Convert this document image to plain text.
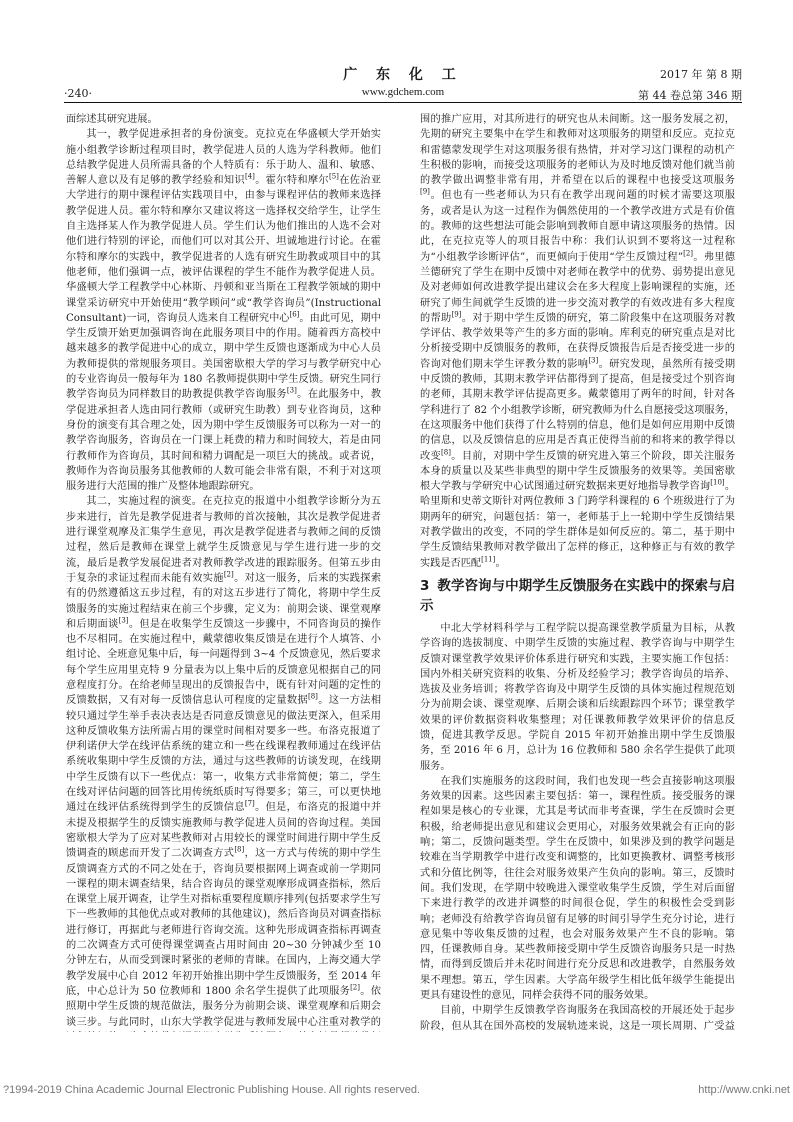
·240·
广 东 化 工
www.gdchem.com
2017 年 第 8 期
第 44 卷总第 346 期

面综述其研究进展。

其一，教学促进承担者的身份演变。克拉克在华盛顿大学开始实施小组教学诊断过程项目时，教学促进人员的人选为学科教师。他们总结教学促进人员所需具备的个人特质有：乐于助人、温和、敏感、善解人意以及有足够的教学经验和知识[4]。霍尔特和摩尔[5]在佐治亚大学进行的期中课程评估实践项目中，由参与课程评估的教师来选择教学促进人员。霍尔特和摩尔又建议将这一选择权交给学生，让学生自主选择某人作为教学促进人员。学生们认为他们推出的人选不会对他们进行特别的评论，而他们可以对其公开、坦诚地进行讨论。在霍尔特和摩尔的实践中，教学促进者的人选有研究生助教或项目中的其他老师，他们强调一点，被评估课程的学生不能作为教学促进人员。华盛顿大学工程教学中心林斯、丹顿和亚当斯在工程教学领域的期中课堂采访研究中开始使用“教学顾问”或“教学咨询员”(Instructional Consultant)一词，咨询员人选来自工程研究中心[6]。由此可见，期中学生反馈开始更加强调咨询在此服务项目中的作用。随着西方高校中越来越多的教学促进中心的成立，期中学生反馈也逐渐成为中心人员为教师提供的常规服务项目。美国密歇根大学的学习与教学研究中心的专业咨询员一般每年为 180 名教师提供期中学生反馈。研究生同行教学咨询员为同样数目的助教提供教学咨询服务[3]。在此服务中，教学促进承担者人选由同行教师（或研究生助教）到专业咨询员，这种身份的演变有其合理之处，因为期中学生反馈服务可以称为一对一的教学咨询服务，咨询员在一门课上耗费的精力和时间较大，若是由同行教师作为咨询员，其时间和精力调配是一项巨大的挑战。或者说，教师作为咨询员服务其他教师的人数可能会非常有限，不利于对这项服务进行大范围的推广及整体地跟踪研究。

其二，实施过程的演变。在克拉克的报道中小组教学诊断分为五步来进行，首先是教学促进者与教师的首次接触，其次是教学促进者进行课堂观摩及汇集学生意见，再次是教学促进者与教师之间的反馈过程，然后是教师在课堂上就学生反馈意见与学生进行进一步的交流，最后是教学发展促进者对教师教学改进的跟踪服务。但第五步由于复杂的求证过程而未能有效实施[2]。对这一服务，后来的实践探索有的仍然遵循这五步过程，有的对这五步进行了简化，将期中学生反馈服务的实施过程结束在前三个步骤，定义为：前期会谈、课堂观摩和后期面谈[3]。但是在收集学生反馈这一步骤中，不同咨询员的操作也不尽相同。在实施过程中，戴蒙德收集反馈是在进行个人填答、小组讨论、全班意见集中后，每一问题得到 3~4 个反馈意见，然后要求每个学生应用里克特 9 分量表为以上集中后的反馈意见根据自己的同意程度打分。在给老师呈现出的反馈报告中，既有针对问题的定性的反馈数据，又有对每一反馈信息认可程度的定量数据[8]。这一方法相较只通过学生举手表决表达是否同意反馈意见的做法更深入，但采用这种反馈收集方法所需占用的课堂时间相对要多一些。布洛克报道了伊利诺伊大学在线评估系统的建立和一些在线课程教师通过在线评估系统收集期中学生反馈的方法，通过与这些教师的访谈发现，在线期中学生反馈有以下一些优点：第一，收集方式非常简便；第二，学生在线对评估问题的回答比用传统纸质时写得要多；第三，可以更快地通过在线评估系统得到学生的反馈信息[7]。但是，布洛克的报道中并未提及根据学生的反馈实施教师与教学促进人员间的咨询过程。美国密歇根大学为了应对某些教师对占用较长的课堂时间进行期中学生反馈调查的顾虑而开发了二次调查方式[8]，这一方式与传统的期中学生反馈调查方式的不同之处在于，咨询员要根据网上调查或前一学期同一课程的期末调查结果，结合咨询员的课堂观摩形成调查指标，然后在课堂上展开调查，让学生对指标重要程度顺序排列(包括要求学生写下一些教师的其他优点或对教师的其他建议)，然后咨询员对调查指标进行修订，再据此与老师进行咨询交流。这种先形成调查指标再调查的二次调查方式可使得课堂调查占用时间由 20~30 分钟减少至 10 分钟左右，从而受到课时紧张的老师的青睐。在国内，上海交通大学教学发展中心自 2012 年初开始推出期中学生反馈服务，至 2014 年底，中心总计为 50 位教师和 1800 余名学生提供了此项服务[2]。依照期中学生反馈的规范做法，服务分为前期会谈、课堂观摩和后期会谈三步。与此同时，山东大学教学促进与教师发展中心注重对教学的

围的推广应用，对其所进行的研究也从未间断。这一服务发展之初，先期的研究主要集中在学生和教师对这项服务的期望和反应。克拉克和雷德蒙发现学生对这项服务很有热情，并对学习这门课程的动机产生积极的影响，而接受这项服务的老师认为及时地反馈对他们就当前的教学做出调整非常有用，并希望在以后的课程中也接受这项服务[9]。但也有一些老师认为只有在教学出现问题的时候才需要这项服务，或者是认为这一过程作为偶然使用的一个教学改进方式是有价值的。教师的这些想法可能会影响到教师自愿申请这项服务的热情。因此，在克拉克等人的项目报告中称：我们认识到不要将这一过程称为“小组教学诊断评估”，而更倾向于使用“学生反馈过程”[2]。弗里德兰德研究了学生在期中反馈中对老师在教学中的优势、弱势提出意见及对老师如何改进教学提出建议会在多大程度上影响课程的实施，还研究了师生间就学生反馈的进一步交流对教学的有效改进有多大程度的帮助[9]。对于期中学生反馈的研究，第二阶段集中在这项服务对教学评估、教学效果等产生的多方面的影响。库利克的研究重点是对比分析接受期中反馈服务的教师，在获得反馈报告后是否接受进一步的咨询对他们期末学生评教分数的影响[3]。研究发现，虽然所有接受期中反馈的教师，其期末教学评估都得到了提高，但是接受过个别咨询的老师，其期末教学评估提高更多。戴蒙德用了两年的时间，针对各学科进行了 82 个小组教学诊断，研究教师为什么自愿接受这项服务，在这项服务中他们获得了什么特别的信息，他们是如何应用期中反馈的信息，以及反馈信息的应用是否真正使得当前的和将来的教学得以改变[8]。目前，对期中学生反馈的研究进入第三个阶段，即关注服务本身的质量以及某些非典型的期中学生反馈服务的效果等。美国密歇根大学教与学研究中心试图通过研究数据来更好地指导教学咨询[10]。哈里斯和史蒂文斯针对两位教师 3 门跨学科课程的 6 个班级进行了为期两年的研究，问题包括：第一，老师基于上一轮期中学生反馈结果对教学做出的改变，不同的学生群体是如何反应的。第二，基于期中学生反馈结果教师对教学做出了怎样的修正，这种修正与有效的教学实践是否匹配[11]。

3 教学咨询与中期学生反馈服务在实践中的探索与启示

中北大学材料科学与工程学院以提高课堂教学质量为目标，从教学咨询的选拔制度、中期学生反馈的实施过程、教学咨询与中期学生反馈对课堂教学效果评价体系进行研究和实践，主要实施工作包括：国内外相关研究资料的收集、分析及经验学习；教学咨询员的培养、选拔及业务培训；将教学咨询及中期学生反馈的具体实施过程规范划分为前期会谈、课堂观摩、后期会谈和后续跟踪四个环节；课堂教学效果的评价数据资料收集整理；对任课教师教学效果评价的信息反馈，促进其教学反思。学院自 2015 年初开始推出期中学生反馈服务，至 2016 年 6 月，总计为 16 位教师和 580 余名学生提供了此项服务。

在我们实施服务的这段时间，我们也发现一些会直接影响这项服务效果的因素。这些因素主要包括：第一，课程性质。接受服务的课程如果是核心的专业课，尤其是考试而非考查课，学生在反馈时会更积极，给老师提出意见和建议会更用心，对服务效果就会有正向的影响；第二，反馈问题类型。学生在反馈中，如果涉及到的教学问题是较难在当学期教学中进行改变和调整的，比如更换教材、调整考核形式和分值比例等，往往会对服务效果产生负向的影响。第三，反馈时间。我们发现，在学期中较晚进入课堂收集学生反馈，学生对后面留下来进行教学的改进并调整的时间很仓促，学生的积极性会受到影响；老师没有给教学咨询员留有足够的时间引导学生充分讨论，进行意见集中等收集反馈的过程，也会对服务效果产生不良的影响。第四，任课教师自身。某些教师接受期中学生反馈咨询服务只是一时热情，而得到反馈后并未花时间进行充分反思和改进教学，自然服务效果不理想。第五，学生因素。大学高年级学生相比低年级学生能提出更具有建设性的意见，同样会获得不同的服务效果。

目前，中期学生反馈教学咨询服务在我国高校的开展还处于起步阶段，但从其在国外高校的发展轨迹来说，这是一项长周期、广受益

?1994-2019 China Academic Journal Electronic Publishing House. All rights reserved.	http://www.cnki.net
